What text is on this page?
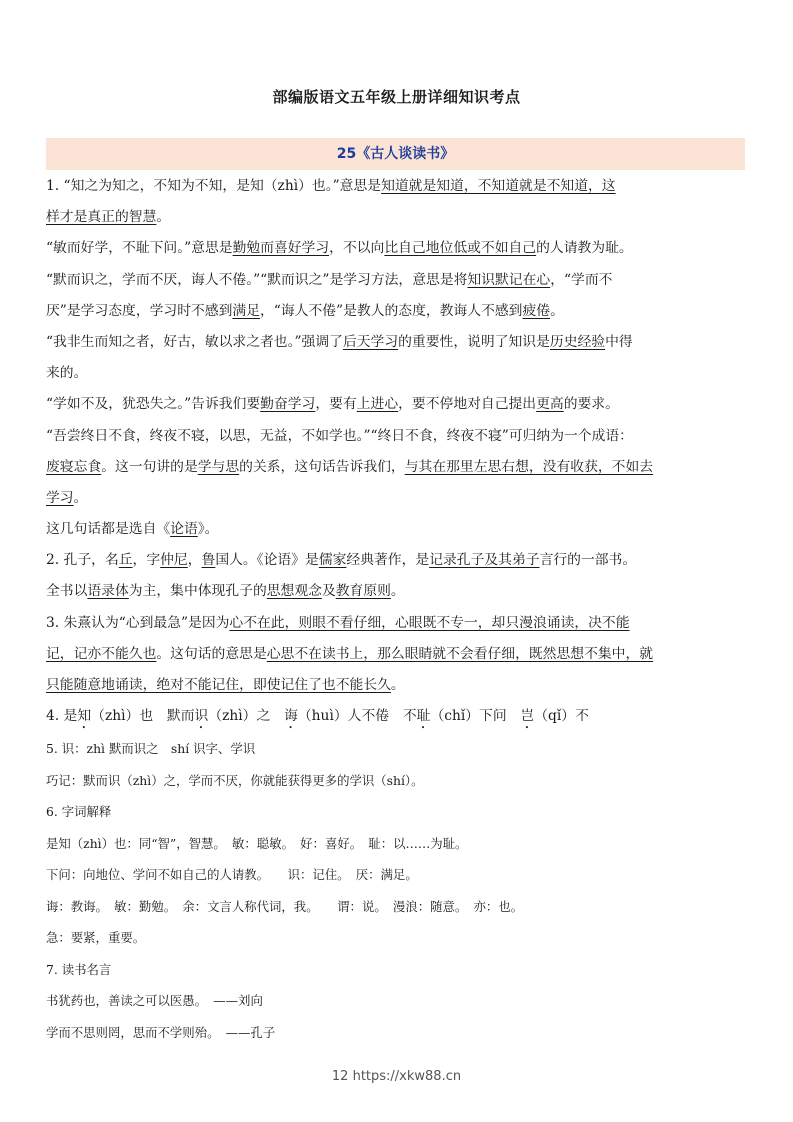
部编版语文五年级上册详细知识考点
25《古人谈读书》
1. “知之为知之，不知为不知，是知（zhì）也。”意思是知道就是知道，不知道就是不知道，这
样才是真正的智慧。
“敏而好学，不耻下问。”意思是勤勉而喜好学习，不以向比自己地位低或不如自己的人请教为耻。
“默而识之，学而不厌，诲人不倦。”“默而识之”是学习方法，意思是将知识默记在心，“学而不
厌”是学习态度，学习时不感到满足，“诲人不倦”是教人的态度，教诲人不感到疲倦。
“我非生而知之者，好古，敏以求之者也。”强调了后天学习的重要性，说明了知识是历史经验中得
来的。
“学如不及，犹恐失之。”告诉我们要勤奋学习，要有上进心，要不停地对自己提出更高的要求。
“吾尝终日不食，终夜不寝，以思，无益，不如学也。”“终日不食，终夜不寝”可归纳为一个成语：
废寝忘食。这一句讲的是学与思的关系，这句话告诉我们，与其在那里左思右想，没有收获，不如去
学习。
这几句话都是选自《论语》。
2. 孔子，名丘，字仲尼，鲁国人。《论语》是儒家经典著作，是记录孔子及其弟子言行的一部书。
全书以语录体为主，集中体现孔子的思想观念及教育原则。
3. 朱熹认为“心到最急”是因为心不在此，则眼不看仔细，心眼既不专一，却只漫浪诵读，决不能
记，记亦不能久也。这句话的意思是心思不在读书上，那么眼睛就不会看仔细，既然思想不集中，就
只能随意地诵读，绝对不能记住，即使记住了也不能长久。
4. 是知（zhì）也　默而识（zhì）之　诲（huì）人不倦　不耻（chǐ）下问　岂（qǐ）不
5. 识：zhì 默而识之　shí 识字、学识
巧记：默而识（zhì）之，学而不厌，你就能获得更多的学识（shí）。
6. 字词解释
是知（zhì）也：同“智”，智慧。　敏：聪敏。　好：喜好。　耻：以……为耻。
下问：向地位、学问不如自己的人请教。　　识：记住。　厌：满足。
诲：教诲。　敏：勤勉。　余：文言人称代词，我。　　谓：说。　漫浪：随意。　亦：也。
急：要紧，重要。
7. 读书名言
书犹药也，善读之可以医愚。　——刘向
学而不思则罔，思而不学则殆。　——孔子
12 https://xkw88.cn
